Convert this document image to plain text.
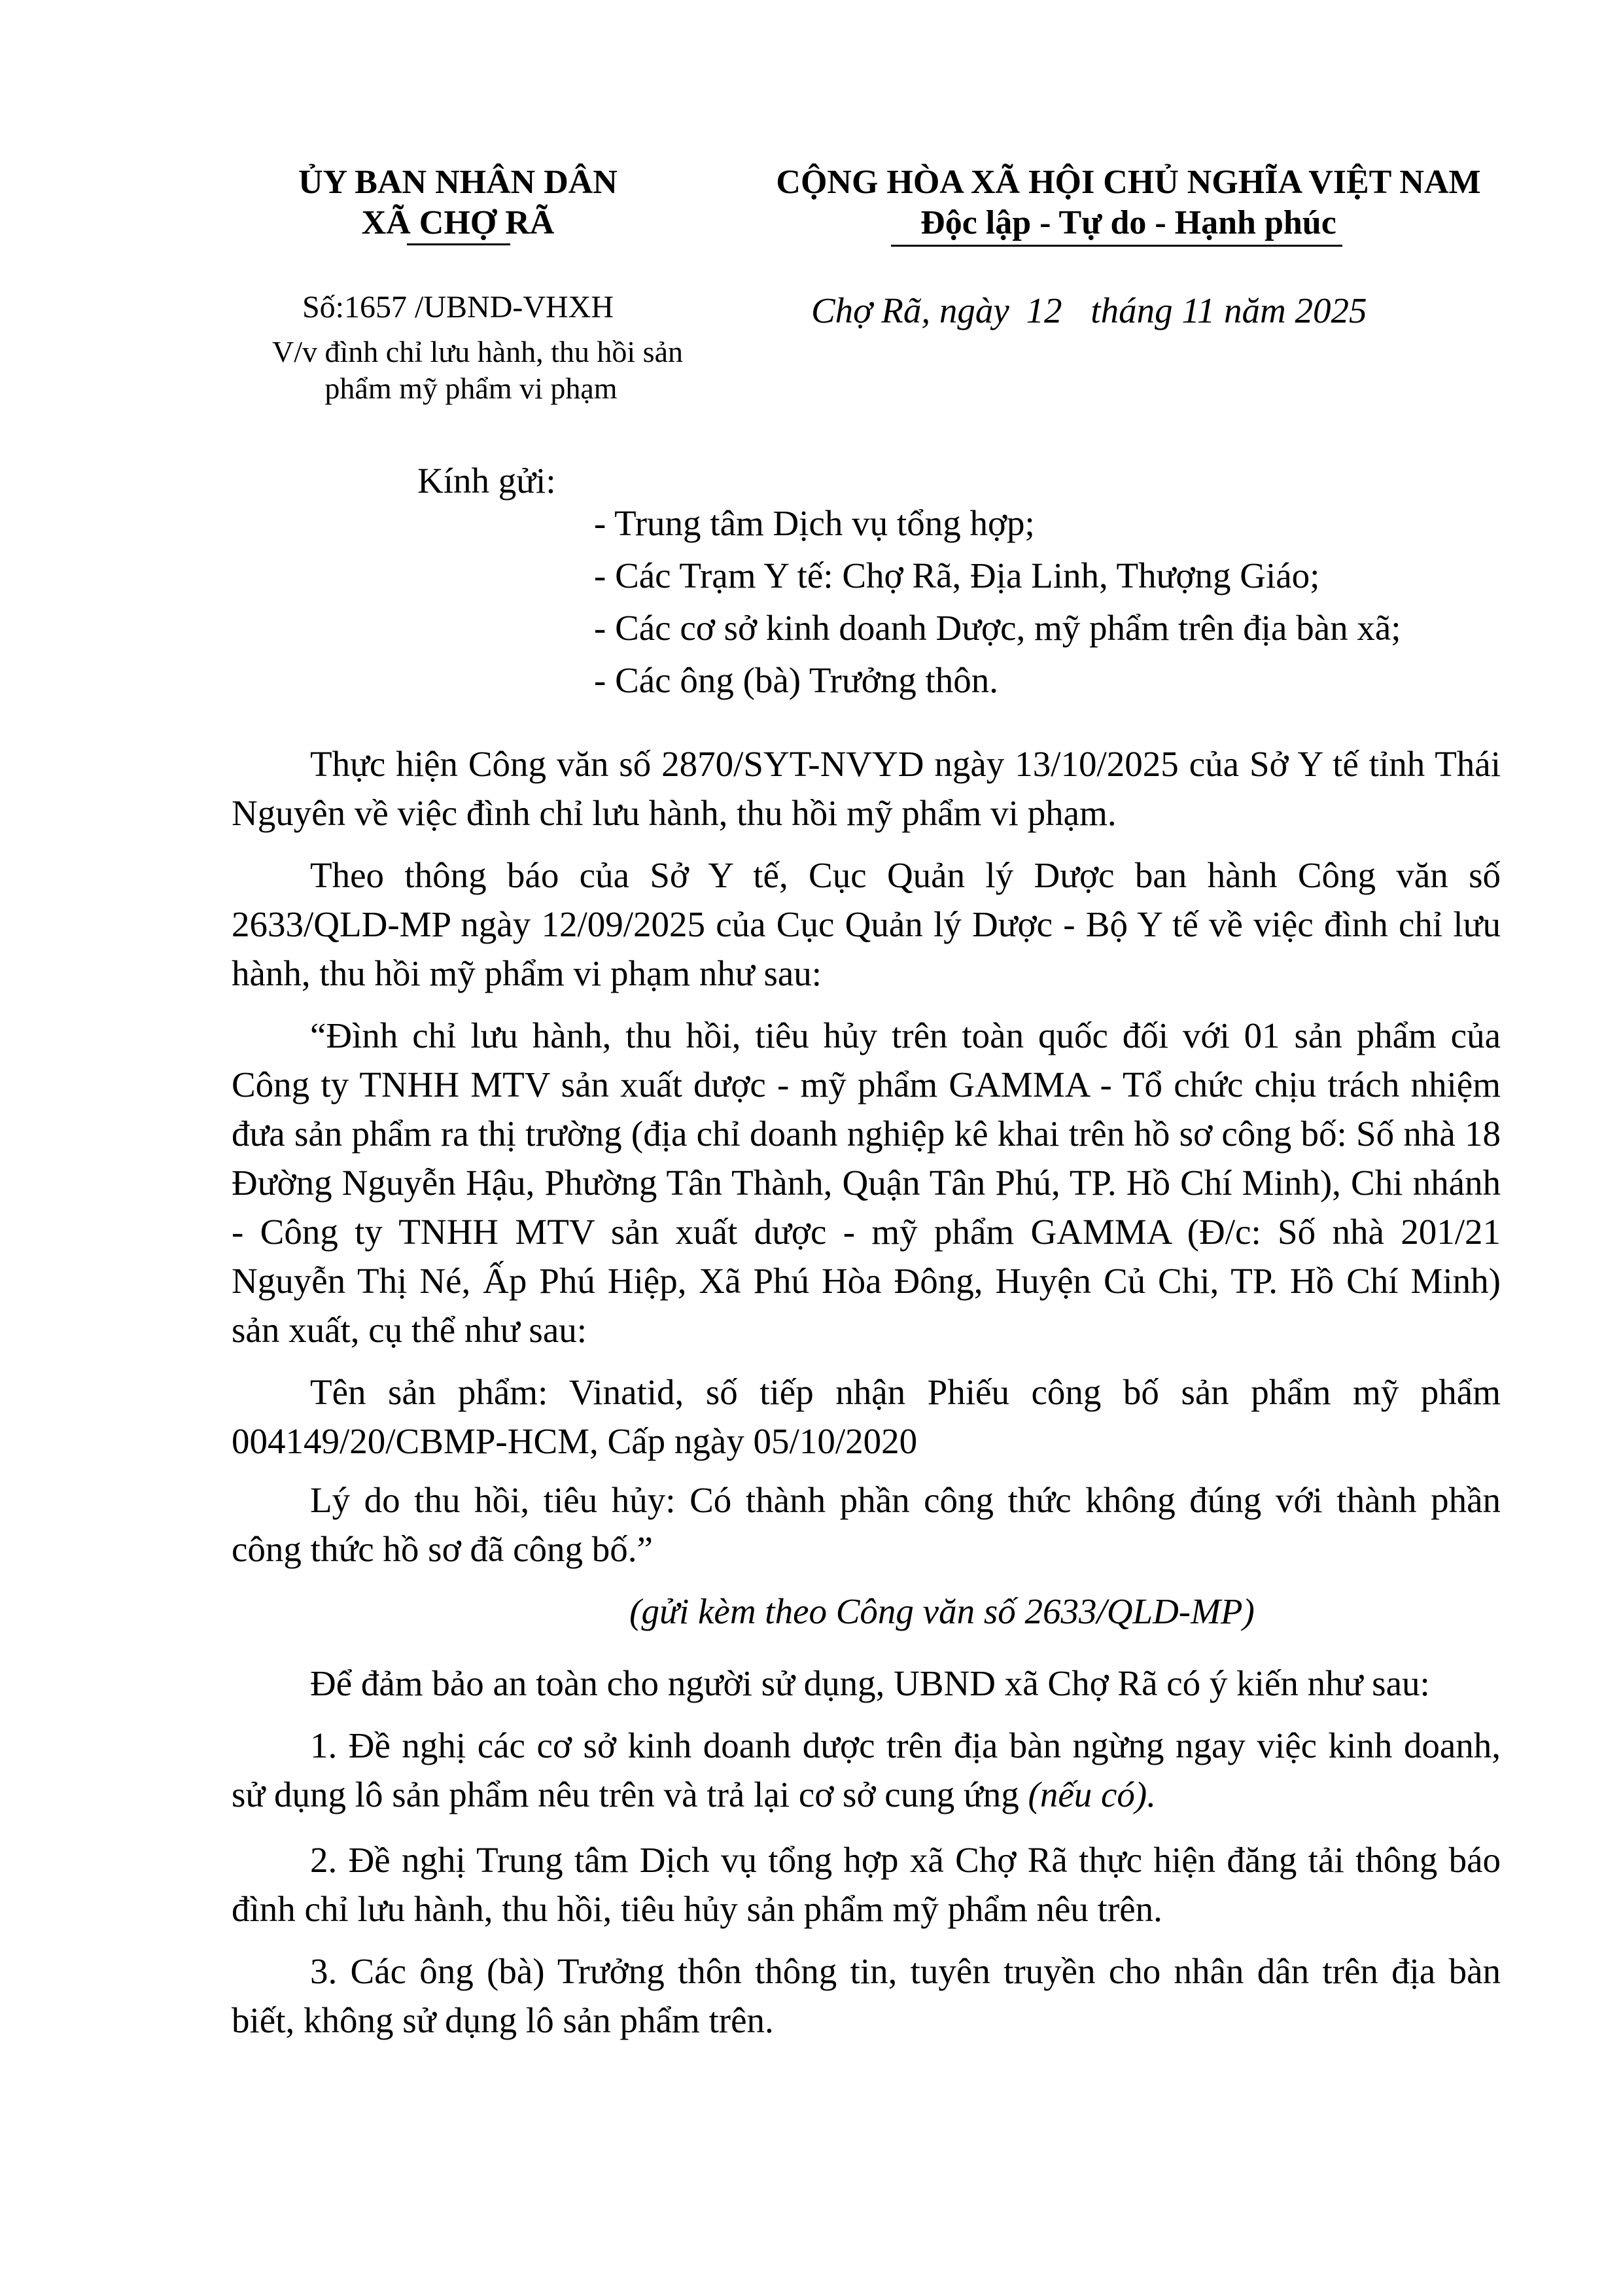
ỦY BAN NHÂN DÂN
XÃ CHỢ RÃ
Số:1657 /UBND-VHXH
V/v đình chỉ lưu hành, thu hồi sản
phẩm mỹ phẩm vi phạm
CỘNG HÒA XÃ HỘI CHỦ NGHĨA VIỆT NAM
Độc lập - Tự do - Hạnh phúc
Chợ Rã, ngày 12 tháng 11 năm 2025
Kính gửi:
- Trung tâm Dịch vụ tổng hợp;
- Các Trạm Y tế: Chợ Rã, Địa Linh, Thượng Giáo;
- Các cơ sở kinh doanh Dược, mỹ phẩm trên địa bàn xã;
- Các ông (bà) Trưởng thôn.

Thực hiện Công văn số 2870/SYT-NVYD ngày 13/10/2025 của Sở Y tế tỉnh Thái Nguyên về việc đình chỉ lưu hành, thu hồi mỹ phẩm vi phạm.

Theo thông báo của Sở Y tế, Cục Quản lý Dược ban hành Công văn số 2633/QLD-MP ngày 12/09/2025 của Cục Quản lý Dược - Bộ Y tế về việc đình chỉ lưu hành, thu hồi mỹ phẩm vi phạm như sau:

“Đình chỉ lưu hành, thu hồi, tiêu hủy trên toàn quốc đối với 01 sản phẩm của Công ty TNHH MTV sản xuất dược - mỹ phẩm GAMMA - Tổ chức chịu trách nhiệm đưa sản phẩm ra thị trường (địa chỉ doanh nghiệp kê khai trên hồ sơ công bố: Số nhà 18 Đường Nguyễn Hậu, Phường Tân Thành, Quận Tân Phú, TP. Hồ Chí Minh), Chi nhánh - Công ty TNHH MTV sản xuất dược - mỹ phẩm GAMMA (Đ/c: Số nhà 201/21 Nguyễn Thị Né, Ấp Phú Hiệp, Xã Phú Hòa Đông, Huyện Củ Chi, TP. Hồ Chí Minh) sản xuất, cụ thể như sau:

Tên sản phẩm: Vinatid, số tiếp nhận Phiếu công bố sản phẩm mỹ phẩm 004149/20/CBMP-HCM, Cấp ngày 05/10/2020

Lý do thu hồi, tiêu hủy: Có thành phần công thức không đúng với thành phần công thức hồ sơ đã công bố.”

(gửi kèm theo Công văn số 2633/QLD-MP)

Để đảm bảo an toàn cho người sử dụng, UBND xã Chợ Rã có ý kiến như sau:

1. Đề nghị các cơ sở kinh doanh dược trên địa bàn ngừng ngay việc kinh doanh, sử dụng lô sản phẩm nêu trên và trả lại cơ sở cung ứng (nếu có).

2. Đề nghị Trung tâm Dịch vụ tổng hợp xã Chợ Rã thực hiện đăng tải thông báo đình chỉ lưu hành, thu hồi, tiêu hủy sản phẩm mỹ phẩm nêu trên.

3. Các ông (bà) Trưởng thôn thông tin, tuyên truyền cho nhân dân trên địa bàn biết, không sử dụng lô sản phẩm trên.
